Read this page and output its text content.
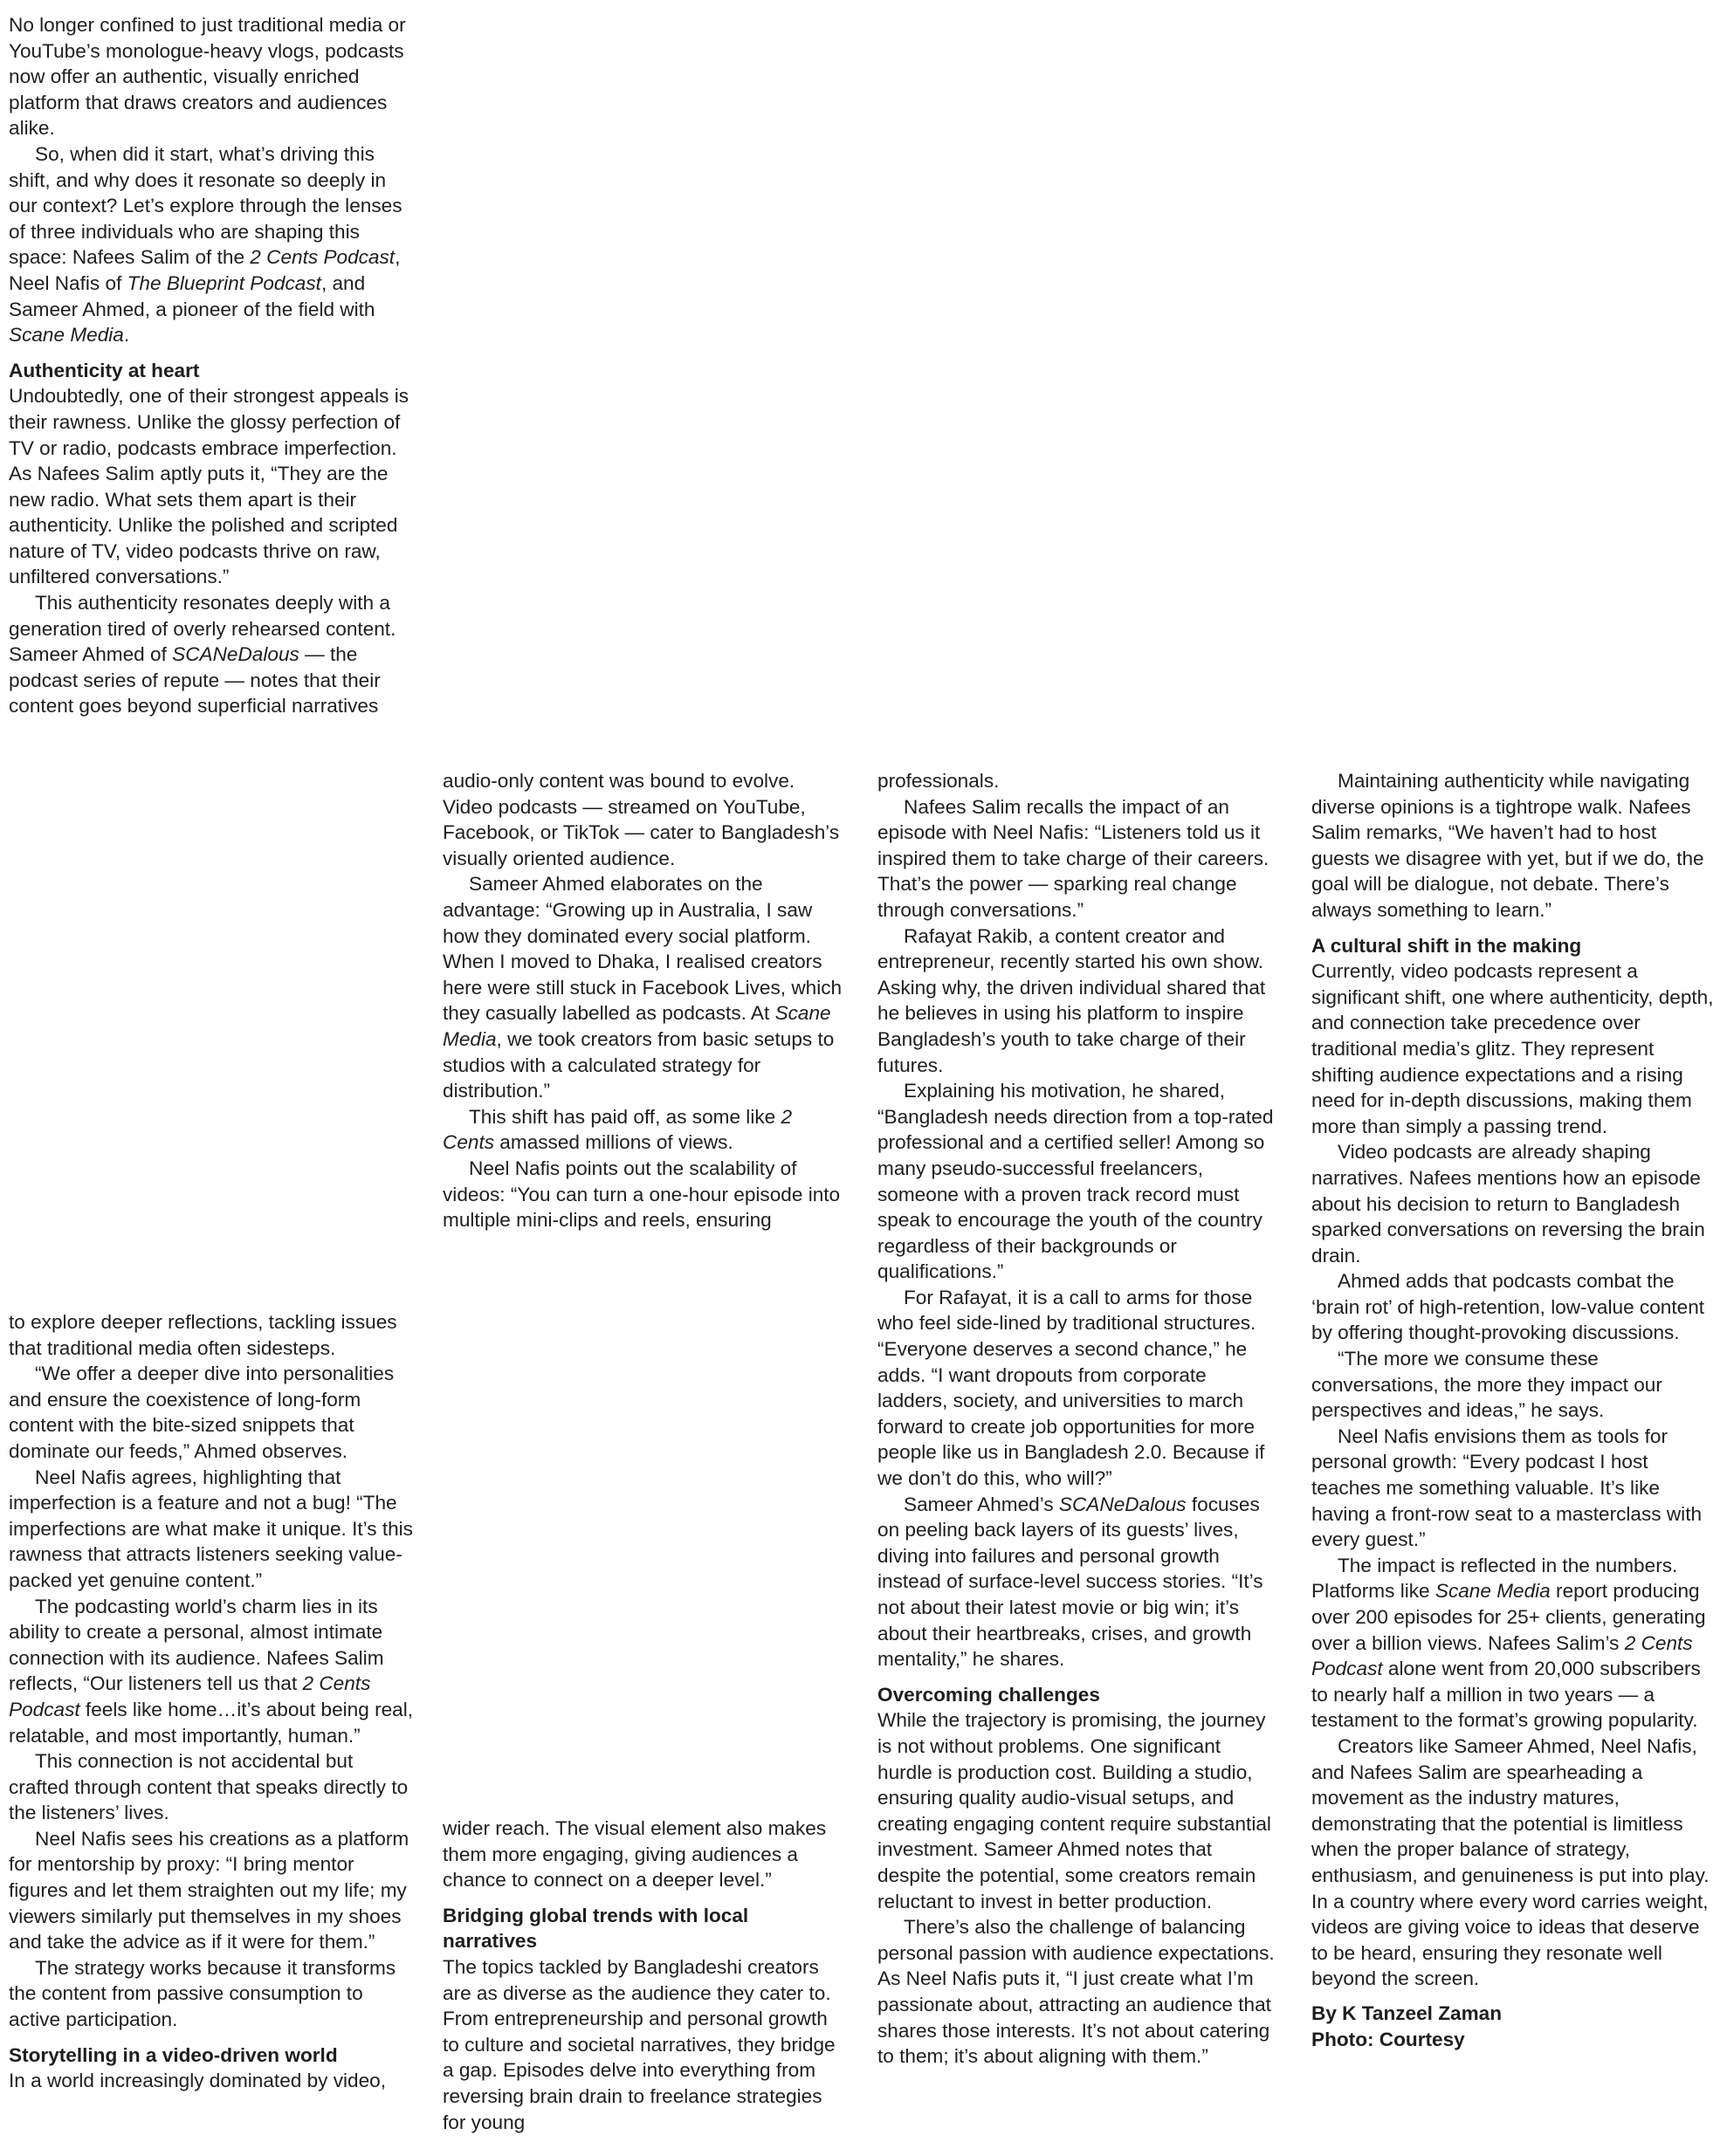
No longer confined to just traditional media or YouTube’s monologue-heavy vlogs, podcasts now offer an authentic, visually enriched platform that draws creators and audiences alike.

So, when did it start, what’s driving this shift, and why does it resonate so deeply in our context? Let’s explore through the lenses of three individuals who are shaping this space: Nafees Salim of the 2 Cents Podcast, Neel Nafis of The Blueprint Podcast, and Sameer Ahmed, a pioneer of the field with Scane Media.

Authenticity at heart

Undoubtedly, one of their strongest appeals is their rawness. Unlike the glossy perfection of TV or radio, podcasts embrace imperfection. As Nafees Salim aptly puts it, “They are the new radio. What sets them apart is their authenticity. Unlike the polished and scripted nature of TV, video podcasts thrive on raw, unfiltered conversations.”

This authenticity resonates deeply with a generation tired of overly rehearsed content. Sameer Ahmed of SCANeDalous — the podcast series of repute — notes that their content goes beyond superficial narratives

to explore deeper reflections, tackling issues that traditional media often sidesteps.

“We offer a deeper dive into personalities and ensure the coexistence of long-form content with the bite-sized snippets that dominate our feeds,” Ahmed observes.

Neel Nafis agrees, highlighting that imperfection is a feature and not a bug! “The imperfections are what make it unique. It’s this rawness that attracts listeners seeking value-packed yet genuine content.”

The podcasting world’s charm lies in its ability to create a personal, almost intimate connection with its audience. Nafees Salim reflects, “Our listeners tell us that 2 Cents Podcast feels like home…it’s about being real, relatable, and most importantly, human.”

This connection is not accidental but crafted through content that speaks directly to the listeners’ lives.

Neel Nafis sees his creations as a platform for mentorship by proxy: “I bring mentor figures and let them straighten out my life; my viewers similarly put themselves in my shoes and take the advice as if it were for them.”

The strategy works because it transforms the content from passive consumption to active participation.

Storytelling in a video-driven world

In a world increasingly dominated by video,

audio-only content was bound to evolve. Video podcasts — streamed on YouTube, Facebook, or TikTok — cater to Bangladesh’s visually oriented audience.

Sameer Ahmed elaborates on the advantage: “Growing up in Australia, I saw how they dominated every social platform. When I moved to Dhaka, I realised creators here were still stuck in Facebook Lives, which they casually labelled as podcasts. At Scane Media, we took creators from basic setups to studios with a calculated strategy for distribution.”

This shift has paid off, as some like 2 Cents amassed millions of views.

Neel Nafis points out the scalability of videos: “You can turn a one-hour episode into multiple mini-clips and reels, ensuring

wider reach. The visual element also makes them more engaging, giving audiences a chance to connect on a deeper level.”

Bridging global trends with local narratives

The topics tackled by Bangladeshi creators are as diverse as the audience they cater to. From entrepreneurship and personal growth to culture and societal narratives, they bridge a gap. Episodes delve into everything from reversing brain drain to freelance strategies for young

professionals.

Nafees Salim recalls the impact of an episode with Neel Nafis: “Listeners told us it inspired them to take charge of their careers. That’s the power — sparking real change through conversations.”

Rafayat Rakib, a content creator and entrepreneur, recently started his own show. Asking why, the driven individual shared that he believes in using his platform to inspire Bangladesh’s youth to take charge of their futures.

Explaining his motivation, he shared, “Bangladesh needs direction from a top-rated professional and a certified seller! Among so many pseudo-successful freelancers, someone with a proven track record must speak to encourage the youth of the country regardless of their backgrounds or qualifications.”

For Rafayat, it is a call to arms for those who feel side-lined by traditional structures. “Everyone deserves a second chance,” he adds. “I want dropouts from corporate ladders, society, and universities to march forward to create job opportunities for more people like us in Bangladesh 2.0. Because if we don’t do this, who will?”

Sameer Ahmed’s SCANeDalous focuses on peeling back layers of its guests’ lives, diving into failures and personal growth instead of surface-level success stories. “It’s not about their latest movie or big win; it’s about their heartbreaks, crises, and growth mentality,” he shares.

Overcoming challenges

While the trajectory is promising, the journey is not without problems. One significant hurdle is production cost. Building a studio, ensuring quality audio-visual setups, and creating engaging content require substantial investment. Sameer Ahmed notes that despite the potential, some creators remain reluctant to invest in better production.

There’s also the challenge of balancing personal passion with audience expectations. As Neel Nafis puts it, “I just create what I’m passionate about, attracting an audience that shares those interests. It’s not about catering to them; it’s about aligning with them.”

Maintaining authenticity while navigating diverse opinions is a tightrope walk. Nafees Salim remarks, “We haven’t had to host guests we disagree with yet, but if we do, the goal will be dialogue, not debate. There’s always something to learn.”

A cultural shift in the making

Currently, video podcasts represent a significant shift, one where authenticity, depth, and connection take precedence over traditional media’s glitz. They represent shifting audience expectations and a rising need for in-depth discussions, making them more than simply a passing trend.

Video podcasts are already shaping narratives. Nafees mentions how an episode about his decision to return to Bangladesh sparked conversations on reversing the brain drain.

Ahmed adds that podcasts combat the ‘brain rot’ of high-retention, low-value content by offering thought-provoking discussions.

“The more we consume these conversations, the more they impact our perspectives and ideas,” he says.

Neel Nafis envisions them as tools for personal growth: “Every podcast I host teaches me something valuable. It’s like having a front-row seat to a masterclass with every guest.”

The impact is reflected in the numbers. Platforms like Scane Media report producing over 200 episodes for 25+ clients, generating over a billion views. Nafees Salim’s 2 Cents Podcast alone went from 20,000 subscribers to nearly half a million in two years — a testament to the format’s growing popularity.

Creators like Sameer Ahmed, Neel Nafis, and Nafees Salim are spearheading a movement as the industry matures, demonstrating that the potential is limitless when the proper balance of strategy, enthusiasm, and genuineness is put into play. In a country where every word carries weight, videos are giving voice to ideas that deserve to be heard, ensuring they resonate well beyond the screen.

By K Tanzeel Zaman
Photo: Courtesy
